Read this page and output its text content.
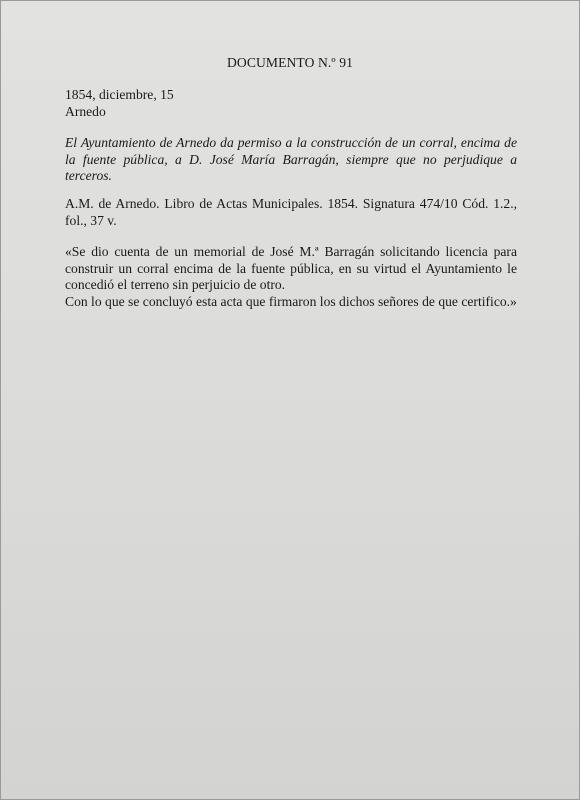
DOCUMENTO N.º 91
1854, diciembre, 15
Arnedo
El Ayuntamiento de Arnedo da permiso a la construcción de un corral, encima de la fuente pública, a D. José María Barragán, siempre que no perjudique a terceros.
A.M. de Arnedo. Libro de Actas Municipales. 1854. Signatura 474/10 Cód. 1.2., fol., 37 v.
«Se dio cuenta de un memorial de José M.ª Barragán solicitando licencia para construir un corral encima de la fuente pública, en su virtud el Ayuntamiento le concedió el terreno sin perjuicio de otro.
Con lo que se concluyó esta acta que firmaron los dichos señores de que certifico.»
